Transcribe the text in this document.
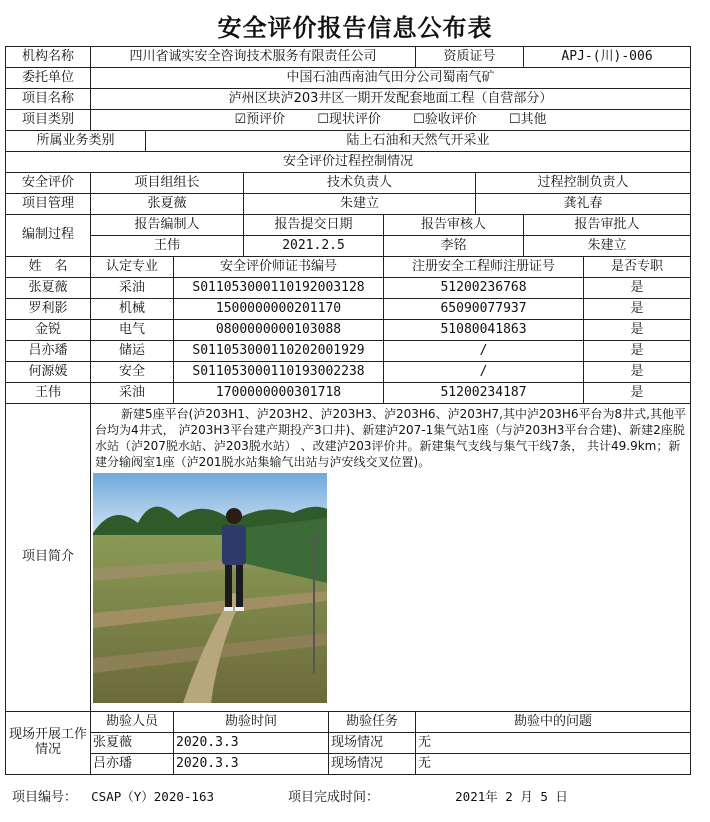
安全评价报告信息公布表
机构名称	四川省诚实安全咨询技术服务有限责任公司						资质证号		APJ-(川)-006	
委托单位	中国石油西南油气田分公司蜀南气矿									
项目名称	泸州区块泸203井区一期开发配套地面工程（自营部分）									
项目类别	☑预评价 ☐现状评价 ☐验收评价 ☐其他									
所属业务类别		陆上石油和天然气开采业								
安全评价过程控制情况										
安全评价	项目组组长			技术负责人				过程控制负责人		
项目管理	张夏薇			朱建立				龚礼春		
编制过程	报告编制人			报告提交日期		报告审核人			报告审批人	
	王伟			2021.2.5		李铭			朱建立	
姓　名	认定专业		安全评价师证书编号			注册安全工程师注册证号				是否专职
张夏薇	采油		S011053000110192003128			51200236768				是
罗利影	机械		1500000000201170			65090077937				是
金锐	电气		0800000000103088			51080041863				是
吕亦璠	储运		S011053000110202001929			/				是
何源媛	安全		S011053000110193002238			/				是
王伟	采油		1700000000301718			51200234187				是
项目简介	新建5座平台(泸203H1、泸203H2、泸203H3、泸203H6、泸203H7,其中泸203H6平台为8井式,其他平台均为4井式， 泸203H3平台建产期投产3口井)、新建泸207-1集气站1座（与泸203H3平台合建)、新建2座脱水站（泸207脱水站、泸203脱水站） 、改建泸203评价井。新建集气支线与集气干线7条， 共计49.9km；新建分输阀室1座（泸201脱水站集输气出站与泸安线交叉位置)。									

现场开展工作情况	勘验人员		勘验时间		勘验任务		勘验中的问题			
	张夏薇		2020.3.3		现场情况		无			
	吕亦璠		2020.3.3		现场情况		无			
项目编号： CSAP（Y）2020-163	项目完成时间：	2021年 2 月 5 日
